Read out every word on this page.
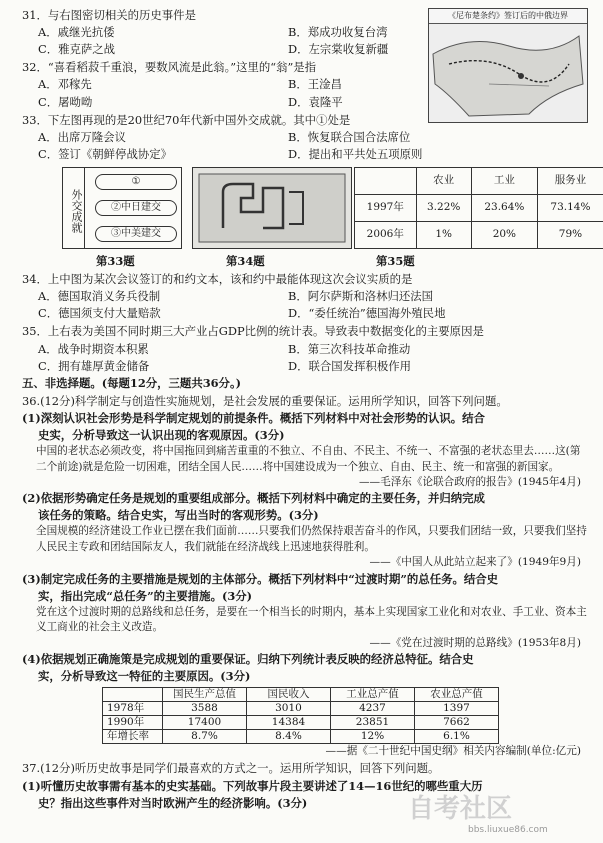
《尼布楚条约》签订后的中俄边界
31．与右图密切相关的历史事件是
A．戚继光抗倭	B．郑成功收复台湾
C．雅克萨之战	D．左宗棠收复新疆
32．“喜看稻菽千重浪，要数风流是此翁。”这里的“翁”是指
A．邓稼先	B．王淦昌
C．屠呦呦	D．袁隆平
33．下左图再现的是20世纪70年代新中国外交成就。其中①处是
A．出席万隆会议	B．恢复联合国合法席位
C．签订《朝鲜停战协定》	D．提出和平共处五项原则
外交成就
①
②中日建交
③中美建交
	农业	工业	服务业
1997年	3.22%	23.64%	73.14%
2006年	1%	20%	79%
第33题	第34题	第35题
34．上中图为某次会议签订的和约文本，该和约中最能体现这次会议实质的是
A．德国取消义务兵役制	B．阿尔萨斯和洛林归还法国
C．德国须支付大量赔款	D．“委任统治”德国海外殖民地
35．上右表为美国不同时期三大产业占GDP比例的统计表。导致表中数据变化的主要原因是
A．战争时期资本积累	B．第三次科技革命推动
C．拥有雄厚黄金储备	D．联合国发挥积极作用
五、非选择题。(每题12分，三题共36分。)
36.(12分)科学制定与创造性实施规划，是社会发展的重要保证。运用所学知识，回答下列问题。
(1)深刻认识社会形势是科学制定规划的前提条件。概括下列材料中对社会形势的认识。结合
史实，分析导致这一认识出现的客观原因。(3分)
中国的老状态必须改变，将中国拖回到痛苦重重的不独立、不自由、不民主、不统一、不富强的老状态里去……这(第二个前途)就是危险一切困难，团结全国人民……将中国建设成为一个独立、自由、民主、统一和富强的新国家。
——毛泽东《论联合政府的报告》(1945年4月)
(2)依据形势确定任务是规划的重要组成部分。概括下列材料中确定的主要任务，并归纳完成
该任务的策略。结合史实，写出当时的客观形势。(3分)
全国规模的经济建设工作业已摆在我们面前……只要我们仍然保持艰苦奋斗的作风，只要我们团结一致，只要我们坚持人民民主专政和团结国际友人，我们就能在经济战线上迅速地获得胜利。
——《中国人从此站立起来了》(1949年9月)
(3)制定完成任务的主要措施是规划的主体部分。概括下列材料中“过渡时期”的总任务。结合史
实，指出完成“总任务”的主要措施。(3分)
党在这个过渡时期的总路线和总任务，是要在一个相当长的时期内，基本上实现国家工业化和对农业、手工业、资本主义工商业的社会主义改造。
——《党在过渡时期的总路线》(1953年8月)
(4)依据规划正确施策是完成规划的重要保证。归纳下列统计表反映的经济总特征。结合史
实，分析导致这一特征的主要原因。(3分)
	国民生产总值	国民收入	工业总产值	农业总产值
1978年	3588	3010	4237	1397
1990年	17400	14384	23851	7662
年增长率	8.7%	8.4%	12%	6.1%
——据《二十世纪中国史纲》相关内容编制(单位:亿元)
37.(12分)听历史故事是同学们最喜欢的方式之一。运用所学知识，回答下列问题。
(1)听懂历史故事需有基本的史实基础。下列故事片段主要讲述了14—16世纪的哪些重大历
史？指出这些事件对当时欧洲产生的经济影响。(3分)	自考社区
bbs.liuxue86.com
